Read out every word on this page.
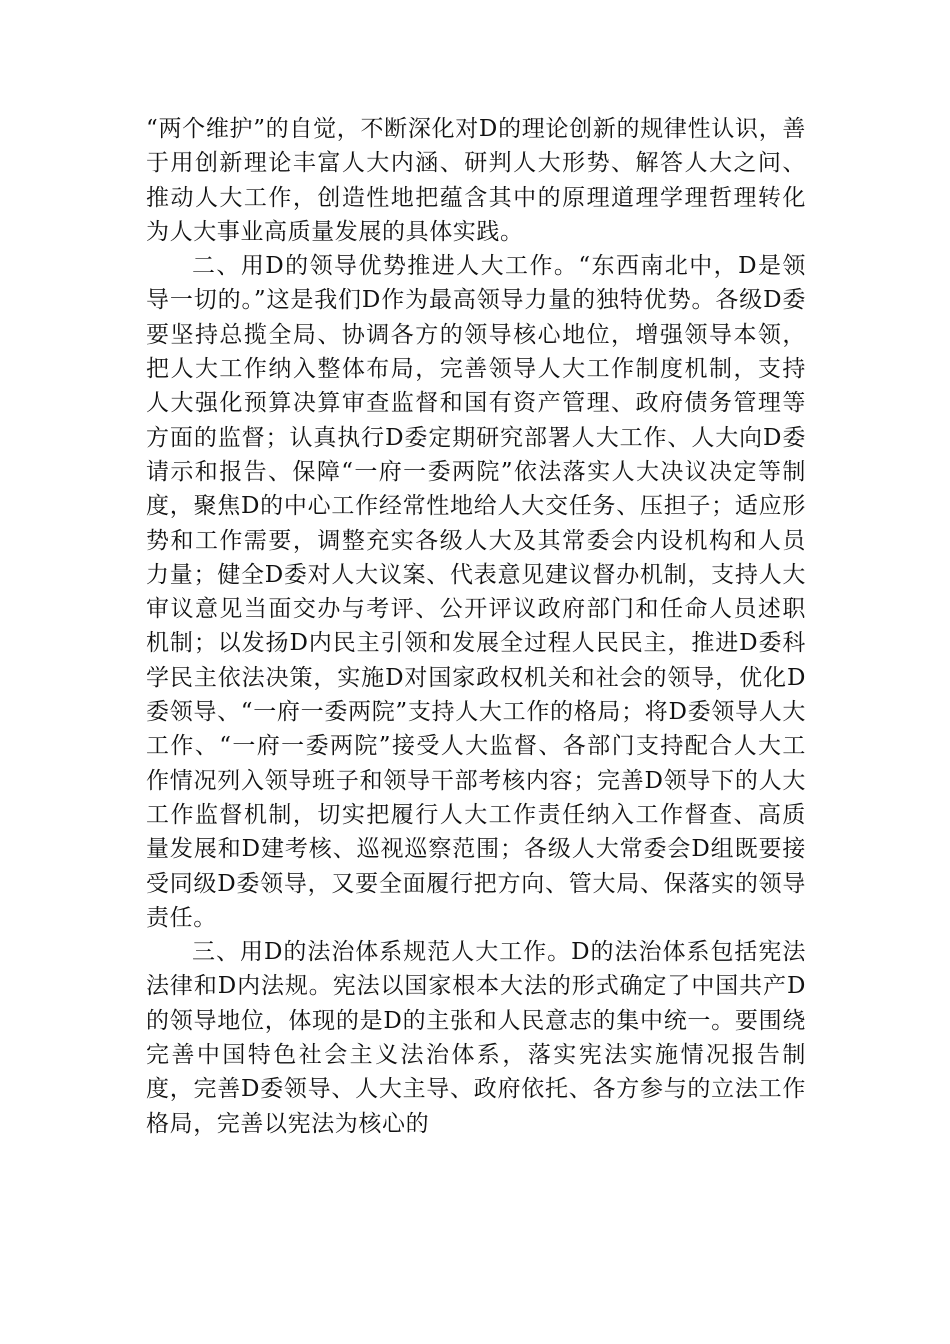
“两个维护”的自觉，不断深化对D的理论创新的规律性认识，善于用创新理论丰富人大内涵、研判人大形势、解答人大之问、推动人大工作，创造性地把蕴含其中的原理道理学理哲理转化为人大事业高质量发展的具体实践。

二、用D的领导优势推进人大工作。“东西南北中，D是领导一切的。”这是我们D作为最高领导力量的独特优势。各级D委要坚持总揽全局、协调各方的领导核心地位，增强领导本领，把人大工作纳入整体布局，完善领导人大工作制度机制，支持人大强化预算决算审查监督和国有资产管理、政府债务管理等方面的监督；认真执行D委定期研究部署人大工作、人大向D委请示和报告、保障“一府一委两院”依法落实人大决议决定等制度，聚焦D的中心工作经常性地给人大交任务、压担子；适应形势和工作需要，调整充实各级人大及其常委会内设机构和人员力量；健全D委对人大议案、代表意见建议督办机制，支持人大审议意见当面交办与考评、公开评议政府部门和任命人员述职机制；以发扬D内民主引领和发展全过程人民民主，推进D委科学民主依法决策，实施D对国家政权机关和社会的领导，优化D委领导、“一府一委两院”支持人大工作的格局；将D委领导人大工作、“一府一委两院”接受人大监督、各部门支持配合人大工作情况列入领导班子和领导干部考核内容；完善D领导下的人大工作监督机制，切实把履行人大工作责任纳入工作督查、高质量发展和D建考核、巡视巡察范围；各级人大常委会D组既要接受同级D委领导，又要全面履行把方向、管大局、保落实的领导责任。

三、用D的法治体系规范人大工作。D的法治体系包括宪法法律和D内法规。宪法以国家根本大法的形式确定了中国共产D的领导地位，体现的是D的主张和人民意志的集中统一。要围绕完善中国特色社会主义法治体系，落实宪法实施情况报告制度，完善D委领导、人大主导、政府依托、各方参与的立法工作格局，完善以宪法为核心的
